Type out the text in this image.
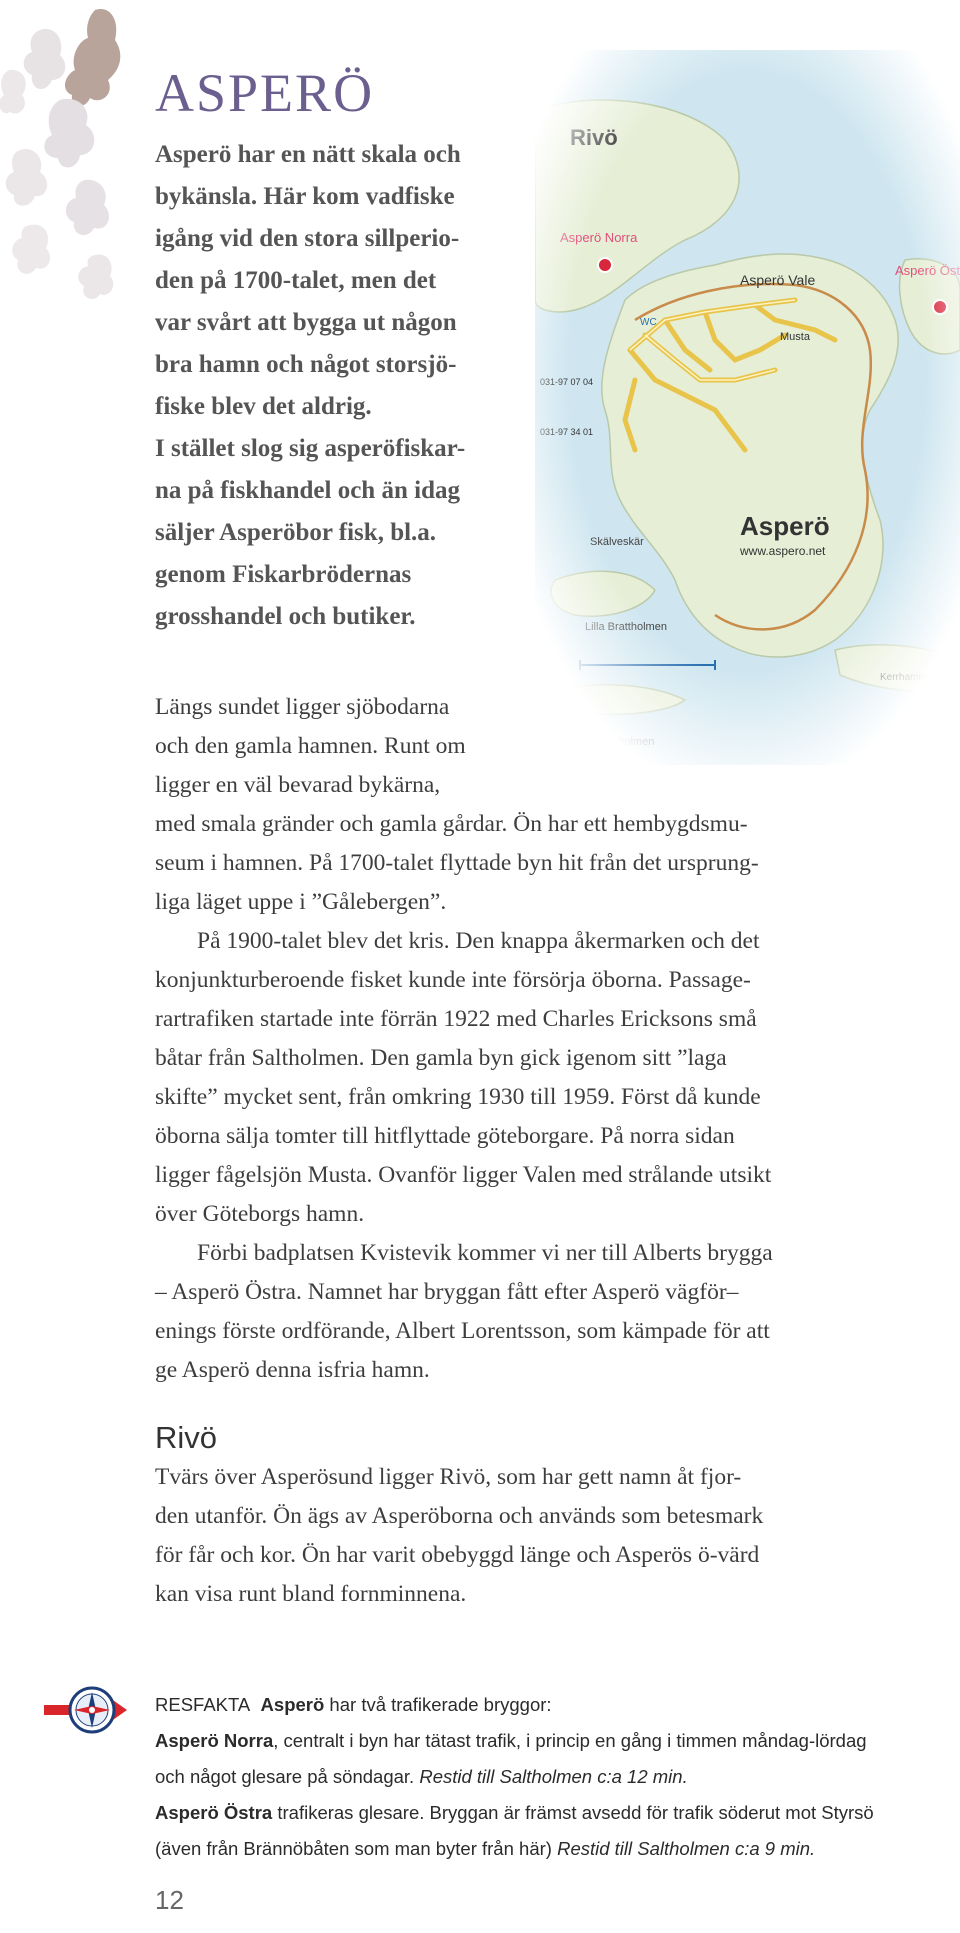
ASPERÖ
Asperö har en nätt skala och
bykänsla. Här kom vadfiske
igång vid den stora sillperio-
den på 1700-talet, men det
var svårt att bygga ut någon
bra hamn och något storsjö-
fiske blev det aldrig.
I stället slog sig asperöfiskar-
na på fiskhandel och än idag
säljer Asperöbor fisk, bl.a.
genom Fiskarbrödernas
grosshandel och butiker.
Längs sundet ligger sjöbodarna
och den gamla hamnen. Runt om
ligger en väl bevarad bykärna,
med smala gränder och gamla gårdar. Ön har ett hembygdsmu-
seum i hamnen. På 1700-talet flyttade byn hit från det ursprung-
liga läget uppe i ”Gålebergen”.
På 1900-talet blev det kris. Den knappa åkermarken och det
konjunkturberoende fisket kunde inte försörja öborna. Passage-
rartrafiken startade inte förrän 1922 med Charles Ericksons små
båtar från Saltholmen. Den gamla byn gick igenom sitt ”laga
skifte” mycket sent, från omkring 1930 till 1959. Först då kunde
öborna sälja tomter till hitflyttade göteborgare. På norra sidan
ligger fågelsjön Musta. Ovanför ligger Valen med strålande utsikt
över Göteborgs hamn.
Förbi badplatsen Kvistevik kommer vi ner till Alberts brygga
– Asperö Östra. Namnet har bryggan fått efter Asperö vägför–
enings förste ordförande, Albert Lorentsson, som kämpade för att
ge Asperö denna isfria hamn.
Rivö
Tvärs över Asperösund ligger Rivö, som har gett namn åt fjor-
den utanför. Ön ägs av Asperöborna och används som betesmark
för får och kor. Ön har varit obebyggd länge och Asperös ö-värd
kan visa runt bland fornminnena.
RESFAKTA Asperö har två trafikerade bryggor:
Asperö Norra, centralt i byn har tätast trafik, i princip en gång i timmen måndag-lördag
och något glesare på söndagar. Restid till Saltholmen c:a 12 min.
Asperö Östra trafikeras glesare. Bryggan är främst avsedd för trafik söderut mot Styrsö
(även från Brännöbåten som man byter från här) Restid till Saltholmen c:a 9 min.
12
